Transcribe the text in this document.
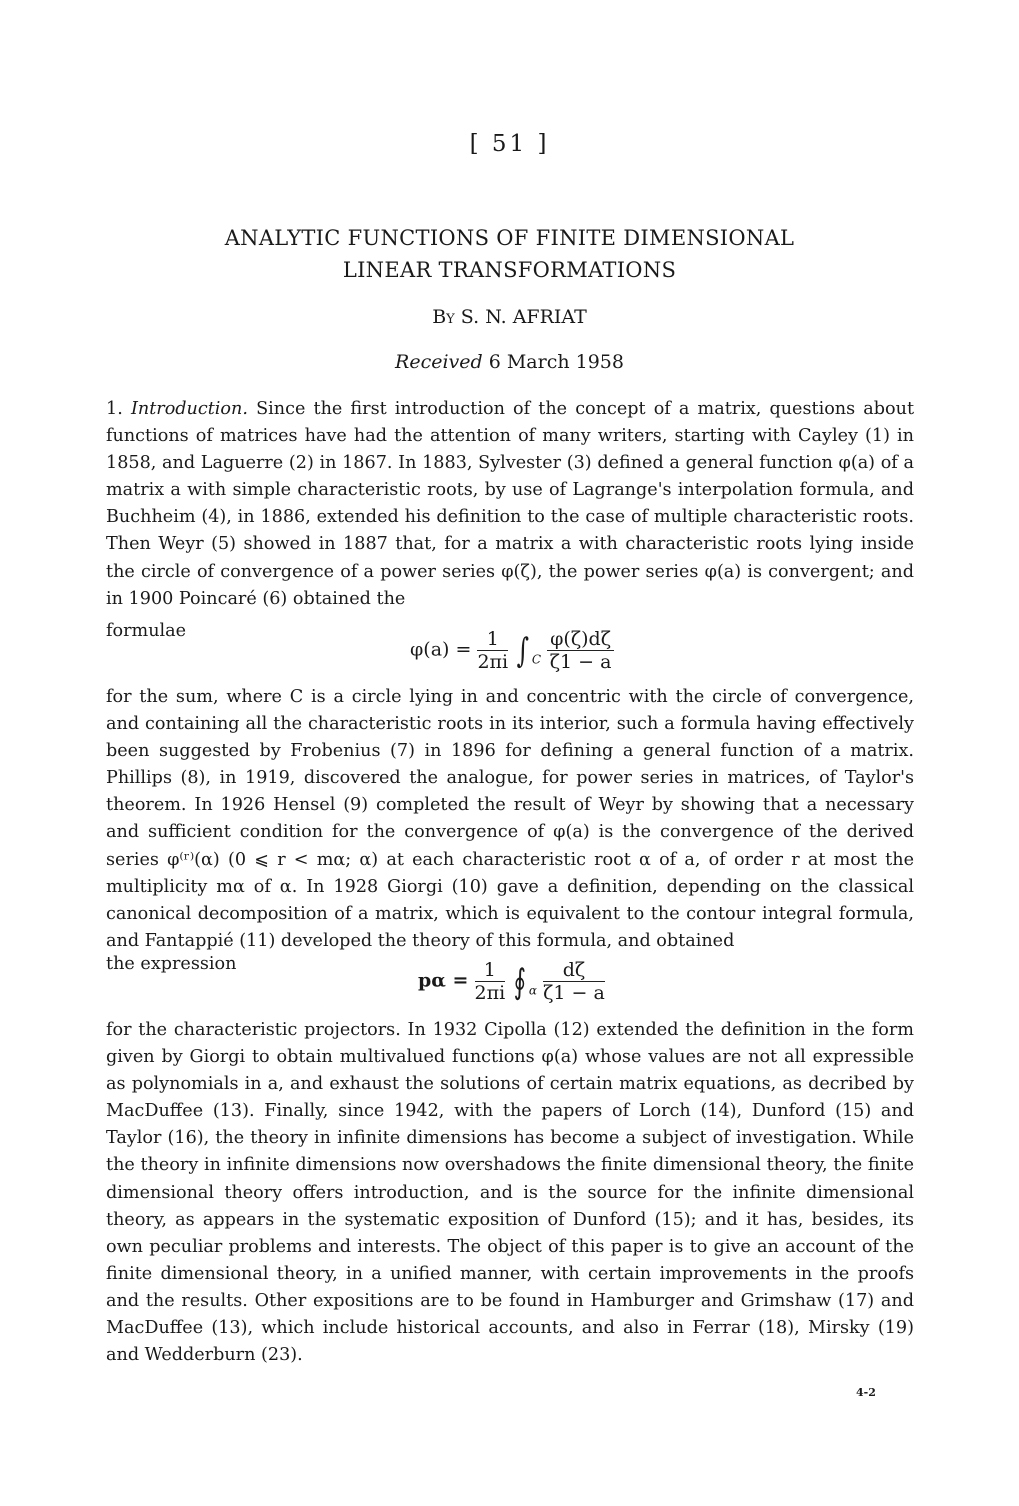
[ 51 ]
ANALYTIC FUNCTIONS OF FINITE DIMENSIONAL
LINEAR TRANSFORMATIONS
By S. N. AFRIAT
Received 6 March 1958

1. Introduction. Since the first introduction of the concept of a matrix, questions about functions of matrices have had the attention of many writers, starting with Cayley (1) in 1858, and Laguerre (2) in 1867. In 1883, Sylvester (3) defined a general function φ(a) of a matrix a with simple characteristic roots, by use of Lagrange's interpolation formula, and Buchheim (4), in 1886, extended his definition to the case of multiple characteristic roots. Then Weyr (5) showed in 1887 that, for a matrix a with characteristic roots lying inside the circle of convergence of a power series φ(ζ), the power series φ(a) is convergent; and in 1900 Poincaré (6) obtained the

formulae
$\varphi(a) = \frac{1}{2\pi i}$ ∫ $_C \frac{\varphi(\zeta)d\zeta}{\zeta 1 - a}$

for the sum, where C is a circle lying in and concentric with the circle of convergence, and containing all the characteristic roots in its interior, such a formula having effectively been suggested by Frobenius (7) in 1896 for defining a general function of a matrix. Phillips (8), in 1919, discovered the analogue, for power series in matrices, of Taylor's theorem. In 1926 Hensel (9) completed the result of Weyr by showing that a necessary and sufficient condition for the convergence of φ(a) is the convergence of the derived series φ⁽ʳ⁾(α) (0 ⩽ r < mα; α) at each characteristic root α of a, of order r at most the multiplicity mα of α. In 1928 Giorgi (10) gave a definition, depending on the classical canonical decomposition of a matrix, which is equivalent to the contour integral formula, and Fantappié (11) developed the theory of this formula, and obtained

the expression
$p\alpha = \frac{1}{2\pi i}$ ∮ $_\alpha \frac{d\zeta}{\zeta 1 - a}$

for the characteristic projectors. In 1932 Cipolla (12) extended the definition in the form given by Giorgi to obtain multivalued functions φ(a) whose values are not all expressible as polynomials in a, and exhaust the solutions of certain matrix equations, as decribed by MacDuffee (13). Finally, since 1942, with the papers of Lorch (14), Dunford (15) and Taylor (16), the theory in infinite dimensions has become a subject of investigation. While the theory in infinite dimensions now overshadows the finite dimensional theory, the finite dimensional theory offers introduction, and is the source for the infinite dimensional theory, as appears in the systematic exposition of Dunford (15); and it has, besides, its own peculiar problems and interests. The object of this paper is to give an account of the finite dimensional theory, in a unified manner, with certain improvements in the proofs and the results. Other expositions are to be found in Hamburger and Grimshaw (17) and MacDuffee (13), which include historical accounts, and also in Ferrar (18), Mirsky (19) and Wedderburn (23).

4-2
